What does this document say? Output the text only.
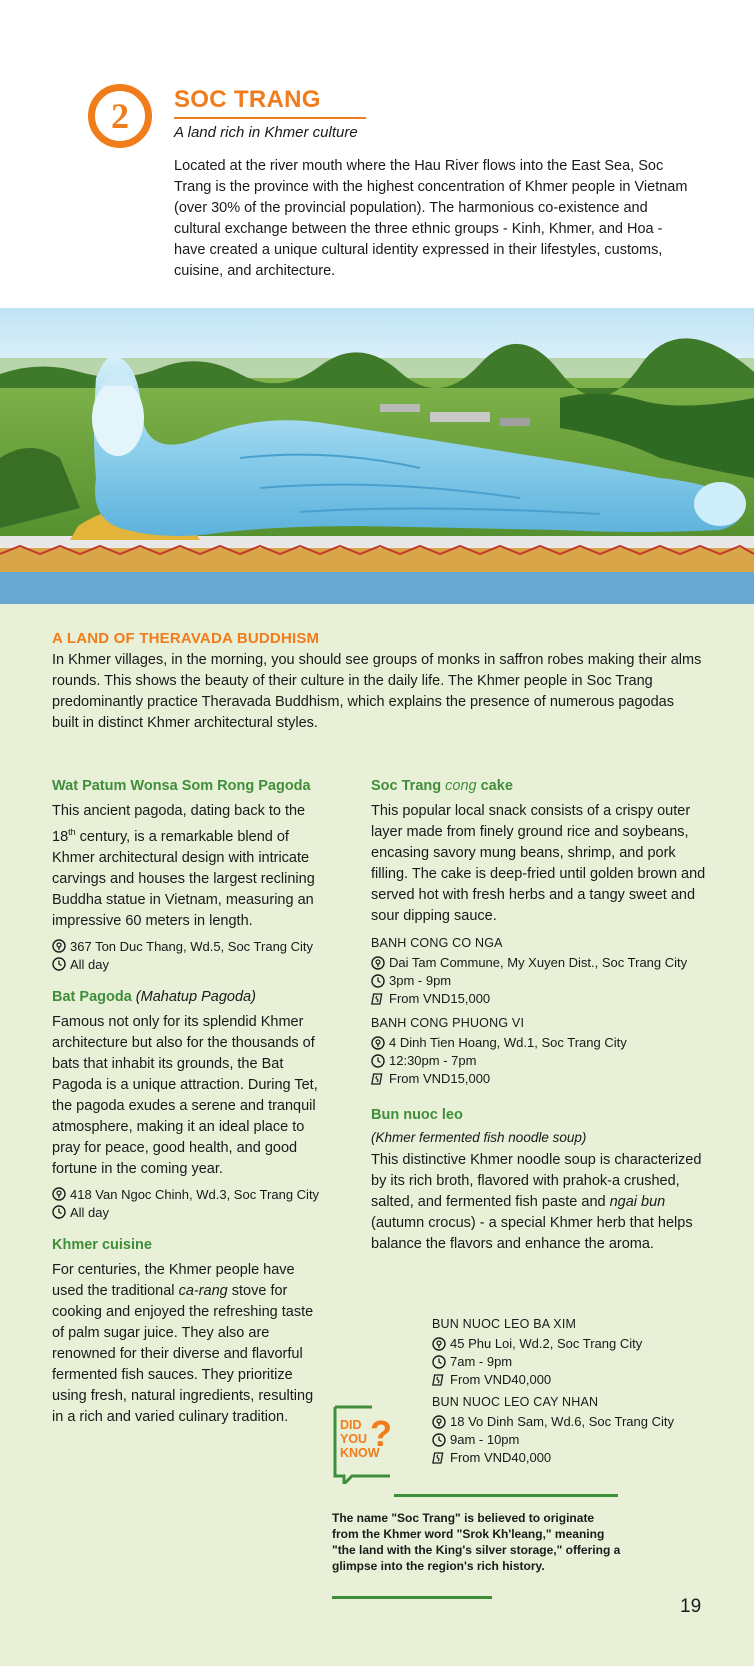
2 SOC TRANG
A land rich in Khmer culture

Located at the river mouth where the Hau River flows into the East Sea, Soc Trang is the province with the highest concentration of Khmer people in Vietnam (over 30% of the provincial population). The harmonious co-existence and cultural exchange between the three ethnic groups - Kinh, Khmer, and Hoa - have created a unique cultural identity expressed in their lifestyles, customs, cuisine, and architecture.

A LAND OF THERAVADA BUDDHISM

In Khmer villages, in the morning, you should see groups of monks in saffron robes making their alms rounds. This shows the beauty of their culture in the daily life. The Khmer people in Soc Trang predominantly practice Theravada Buddhism, which explains the presence of numerous pagodas built in distinct Khmer architectural styles.

Wat Patum Wonsa Som Rong Pagoda

This ancient pagoda, dating back to the 18th century, is a remarkable blend of Khmer architectural design with intricate carvings and houses the largest reclining Buddha statue in Vietnam, measuring an impressive 60 meters in length.

367 Ton Duc Thang, Wd.5, Soc Trang City
All day
Bat Pagoda (Mahatup Pagoda)

Famous not only for its splendid Khmer architecture but also for the thousands of bats that inhabit its grounds, the Bat Pagoda is a unique attraction. During Tet, the pagoda exudes a serene and tranquil atmosphere, making it an ideal place to pray for peace, good health, and good fortune in the coming year.

418 Van Ngoc Chinh, Wd.3, Soc Trang City
All day
Khmer cuisine

For centuries, the Khmer people have used the traditional ca-rang stove for cooking and enjoyed the refreshing taste of palm sugar juice. They also are renowned for their diverse and flavorful fermented fish sauces. They prioritize using fresh, natural ingredients, resulting in a rich and varied culinary tradition.

Soc Trang cong cake

This popular local snack consists of a crispy outer layer made from finely ground rice and soybeans, encasing savory mung beans, shrimp, and pork filling. The cake is deep-fried until golden brown and served hot with fresh herbs and a tangy sweet and sour dipping sauce.

BANH CONG CO NGA
Dai Tam Commune, My Xuyen Dist., Soc Trang City
3pm - 9pm
From VND15,000
BANH CONG PHUONG VI
4 Dinh Tien Hoang, Wd.1, Soc Trang City
12:30pm - 7pm
From VND15,000
Bun nuoc leo
(Khmer fermented fish noodle soup)

This distinctive Khmer noodle soup is characterized by its rich broth, flavored with prahok-a crushed, salted, and fermented fish paste and ngai bun (autumn crocus) - a special Khmer herb that helps balance the flavors and enhance the aroma.

BUN NUOC LEO BA XIM
45 Phu Loi, Wd.2, Soc Trang City
7am - 9pm
From VND40,000
BUN NUOC LEO CAY NHAN
18 Vo Dinh Sam, Wd.6, Soc Trang City
9am - 10pm
From VND40,000
DID
YOU
KNOW
?

The name "Soc Trang" is believed to originate from the Khmer word "Srok Kh'leang," meaning "the land with the King's silver storage," offering a glimpse into the region's rich history.

19
